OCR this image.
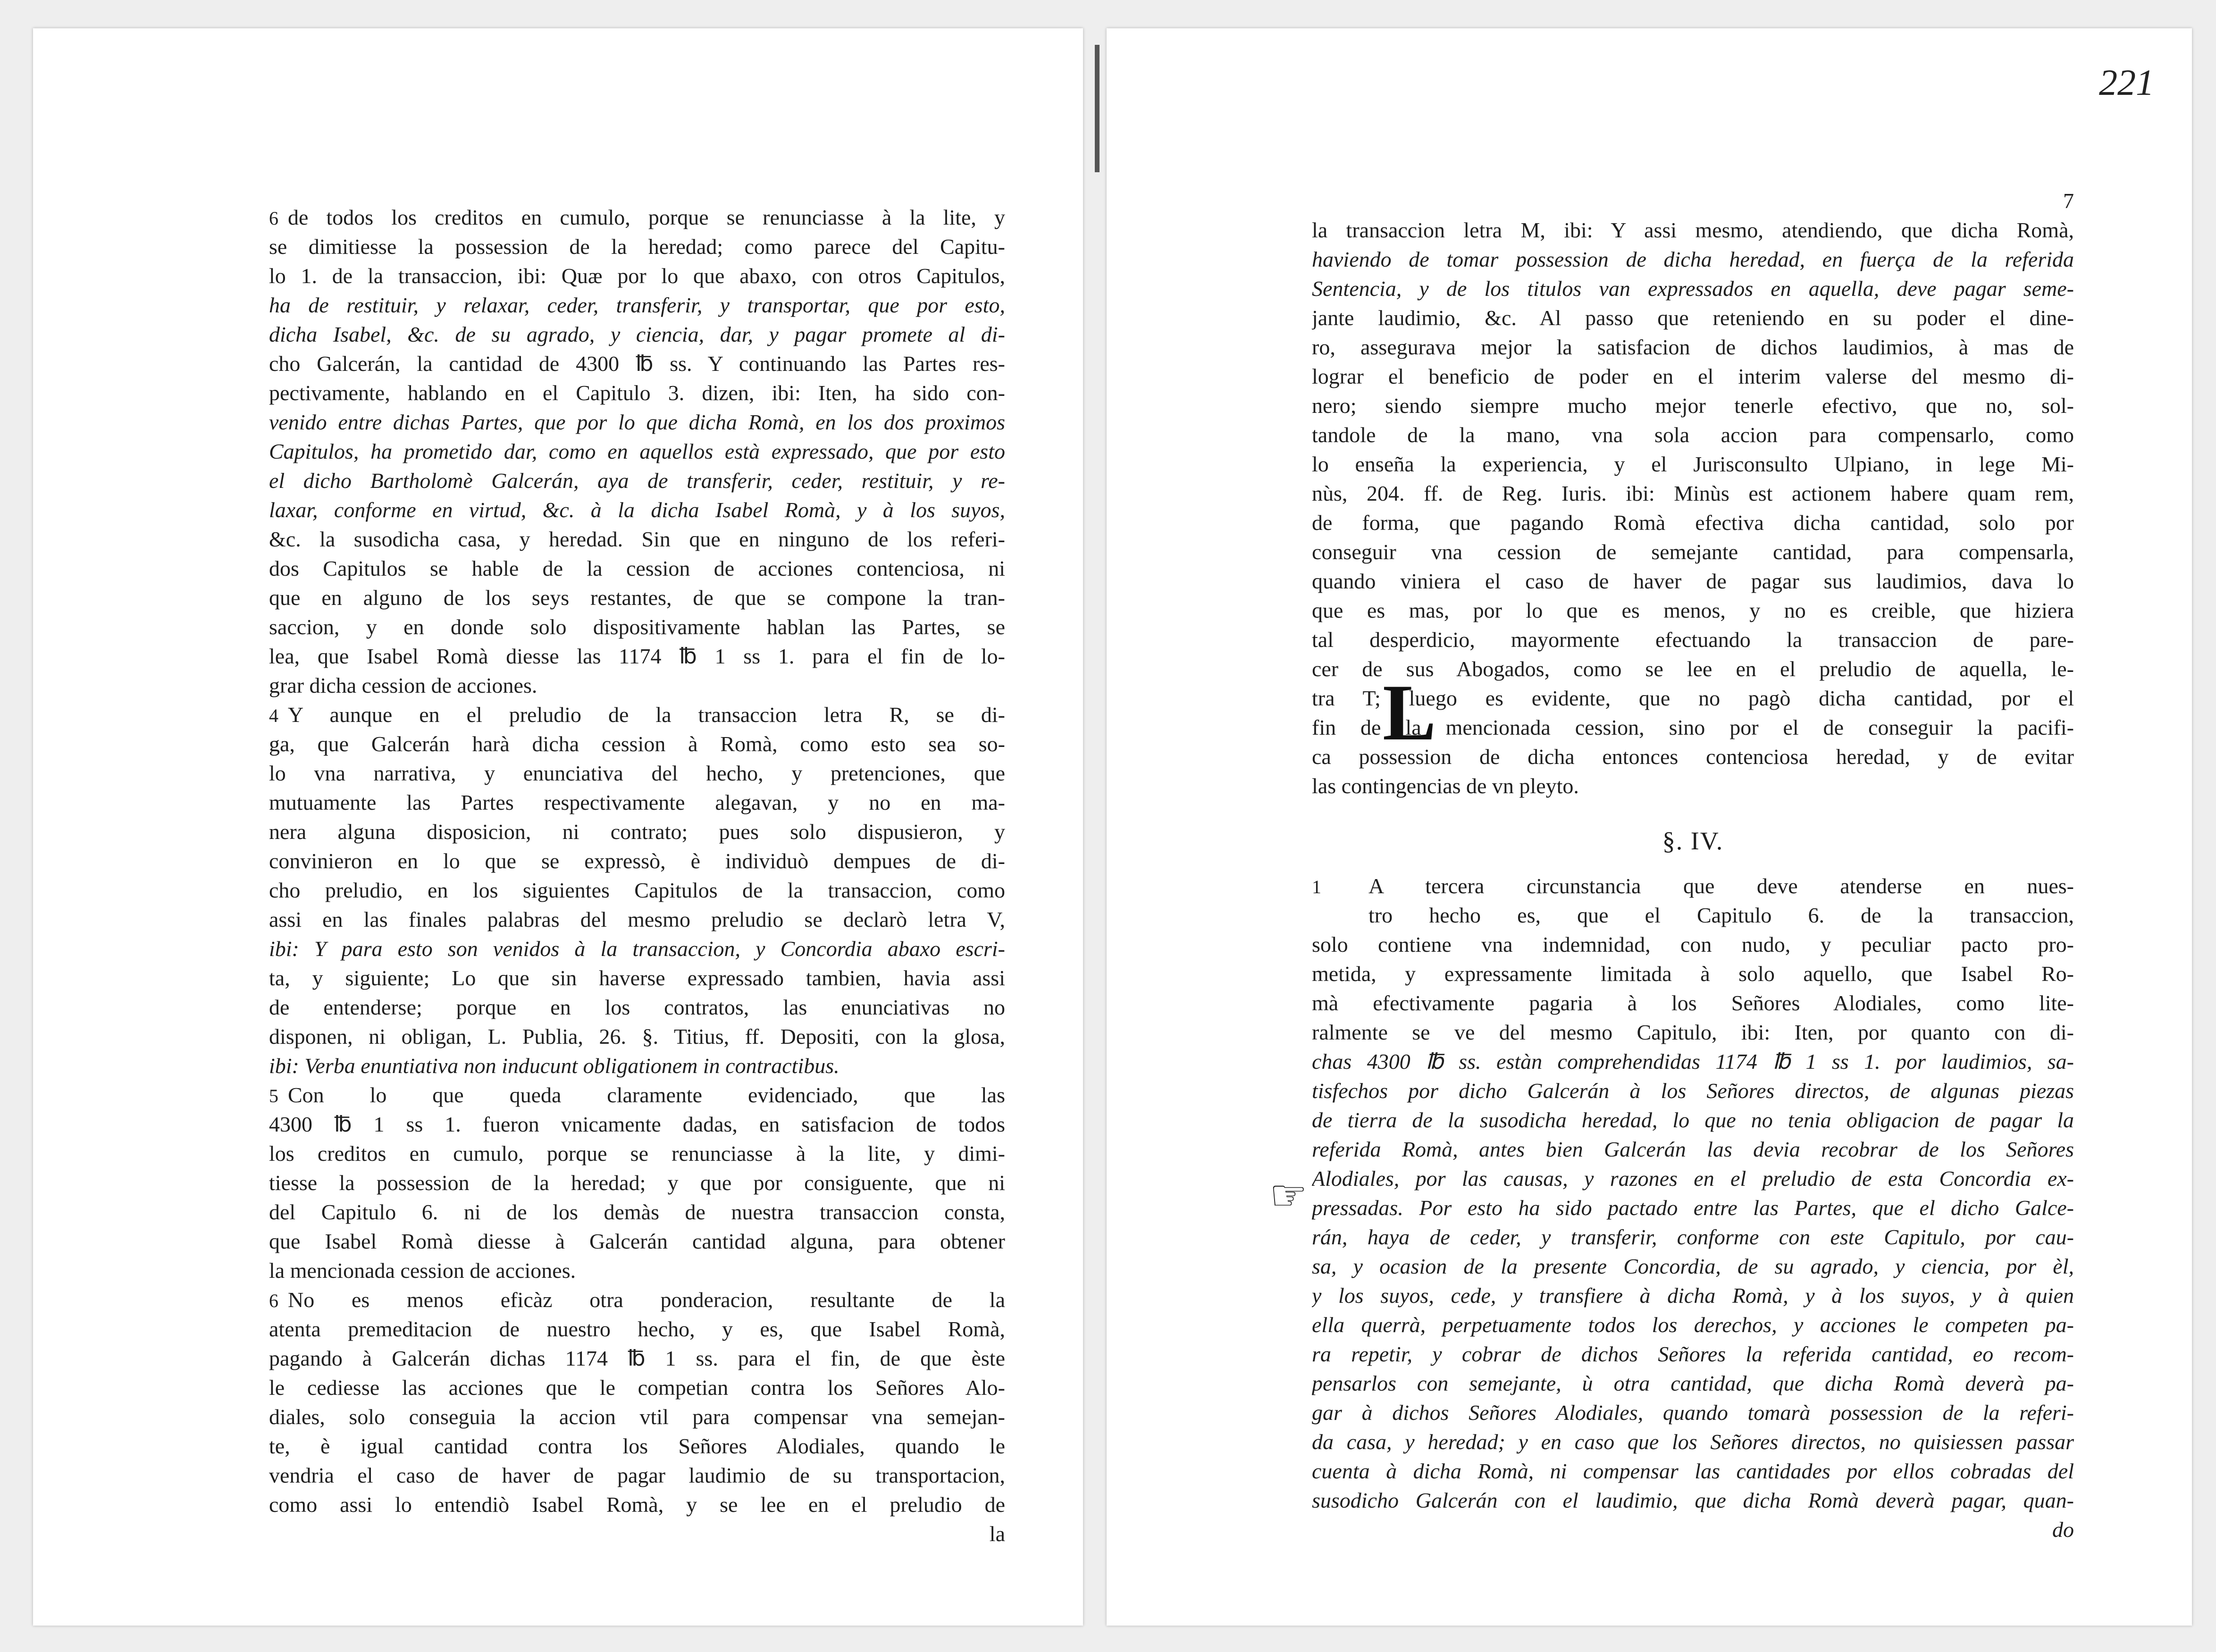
6 de todos los creditos en cumulo, porque se renunciasse à la lite, y
se dimitiesse la possession de la heredad; como parece del Capitu-
lo 1. de la transaccion, ibi: Quæ por lo que abaxo, con otros Capitulos,
ha de restituir, y relaxar, ceder, transferir, y transportar, que por esto,
dicha Isabel, &c. de su agrado, y ciencia, dar, y pagar promete al di-
cho Galcerán, la cantidad de 4300 ℔ ss. Y continuando las Partes res-
pectivamente, hablando en el Capitulo 3. dizen, ibi: Iten, ha sido con-
venido entre dichas Partes, que por lo que dicha Romà, en los dos proximos
Capitulos, ha prometido dar, como en aquellos està expressado, que por esto
el dicho Bartholomè Galcerán, aya de transferir, ceder, restituir, y re-
laxar, conforme en virtud, &c. à la dicha Isabel Romà, y à los suyos,
&c. la susodicha casa, y heredad. Sin que en ninguno de los referi-
dos Capitulos se hable de la cession de acciones contenciosa, ni
que en alguno de los seys restantes, de que se compone la tran-
saccion, y en donde solo dispositivamente hablan las Partes, se
lea, que Isabel Romà diesse las 1174 ℔ 1 ss 1. para el fin de lo-
grar dicha cession de acciones.
4 Y aunque en el preludio de la transaccion letra R, se di-
ga, que Galcerán harà dicha cession à Romà, como esto sea so-
lo vna narrativa, y enunciativa del hecho, y pretenciones, que
mutuamente las Partes respectivamente alegavan, y no en ma-
nera alguna disposicion, ni contrato; pues solo dispusieron, y
convinieron en lo que se expressò, è individuò dempues de di-
cho preludio, en los siguientes Capitulos de la transaccion, como
assi en las finales palabras del mesmo preludio se declarò letra V,
ibi: Y para esto son venidos à la transaccion, y Concordia abaxo escri-
ta, y siguiente; Lo que sin haverse expressado tambien, havia assi
de entenderse; porque en los contratos, las enunciativas no
disponen, ni obligan, L. Publia, 26. §. Titius, ff. Depositi, con la glosa,
ibi: Verba enuntiativa non inducunt obligationem in contractibus.
5 Con lo que queda claramente evidenciado, que las
4300 ℔ 1 ss 1. fueron vnicamente dadas, en satisfacion de todos
los creditos en cumulo, porque se renunciasse à la lite, y dimi-
tiesse la possession de la heredad; y que por consiguente, que ni
del Capitulo 6. ni de los demàs de nuestra transaccion consta,
que Isabel Romà diesse à Galcerán cantidad alguna, para obtener
la mencionada cession de acciones.
6 No es menos eficàz otra ponderacion, resultante de la
atenta premeditacion de nuestro hecho, y es, que Isabel Romà,
pagando à Galcerán dichas 1174 ℔ 1 ss. para el fin, de que èste
le cediesse las acciones que le competian contra los Señores Alo-
diales, solo conseguia la accion vtil para compensar vna semejan-
te, è igual cantidad contra los Señores Alodiales, quando le
vendria el caso de haver de pagar laudimio de su transportacion,
como assi lo entendiò Isabel Romà, y se lee en el preludio de
la
221
7
la transaccion letra M, ibi: Y assi mesmo, atendiendo, que dicha Romà,
haviendo de tomar possession de dicha heredad, en fuerça de la referida
Sentencia, y de los titulos van expressados en aquella, deve pagar seme-
jante laudimio, &c. Al passo que reteniendo en su poder el dine-
ro, assegurava mejor la satisfacion de dichos laudimios, à mas de
lograr el beneficio de poder en el interim valerse del mesmo di-
nero; siendo siempre mucho mejor tenerle efectivo, que no, sol-
tandole de la mano, vna sola accion para compensarlo, como
lo enseña la experiencia, y el Jurisconsulto Ulpiano, in lege Mi-
nùs, 204. ff. de Reg. Iuris. ibi: Minùs est actionem habere quam rem,
de forma, que pagando Romà efectiva dicha cantidad, solo por
conseguir vna cession de semejante cantidad, para compensarla,
quando viniera el caso de haver de pagar sus laudimios, dava lo
que es mas, por lo que es menos, y no es creible, que hiziera
tal desperdicio, mayormente efectuando la transaccion de pare-
cer de sus Abogados, como se lee en el preludio de aquella, le-
tra T; luego es evidente, que no pagò dicha cantidad, por el
fin de la mencionada cession, sino por el de conseguir la pacifi-
ca possession de dicha entonces contenciosa heredad, y de evitar
las contingencias de vn pleyto.
§. IV.
L
1 A tercera circunstancia que deve atenderse en nues-
tro hecho es, que el Capitulo 6. de la transaccion,
solo contiene vna indemnidad, con nudo, y peculiar pacto pro-
metida, y expressamente limitada à solo aquello, que Isabel Ro-
mà efectivamente pagaria à los Señores Alodiales, como lite-
ralmente se ve del mesmo Capitulo, ibi: Iten, por quanto con di-
chas 4300 ℔ ss. estàn comprehendidas 1174 ℔ 1 ss 1. por laudimios, sa-
tisfechos por dicho Galcerán à los Señores directos, de algunas piezas
de tierra de la susodicha heredad, lo que no tenia obligacion de pagar la
referida Romà, antes bien Galcerán las devia recobrar de los Señores
Alodiales, por las causas, y razones en el preludio de esta Concordia ex-
pressadas. Por esto ha sido pactado entre las Partes, que el dicho Galce-
rán, haya de ceder, y transferir, conforme con este Capitulo, por cau-
sa, y ocasion de la presente Concordia, de su agrado, y ciencia, por èl,
y los suyos, cede, y transfiere à dicha Romà, y à los suyos, y à quien
ella querrà, perpetuamente todos los derechos, y acciones le competen pa-
ra repetir, y cobrar de dichos Señores la referida cantidad, eo recom-
pensarlos con semejante, ù otra cantidad, que dicha Romà deverà pa-
gar à dichos Señores Alodiales, quando tomarà possession de la referi-
da casa, y heredad; y en caso que los Señores directos, no quisiessen passar
cuenta à dicha Romà, ni compensar las cantidades por ellos cobradas del
susodicho Galcerán con el laudimio, que dicha Romà deverà pagar, quan-
do
☞
